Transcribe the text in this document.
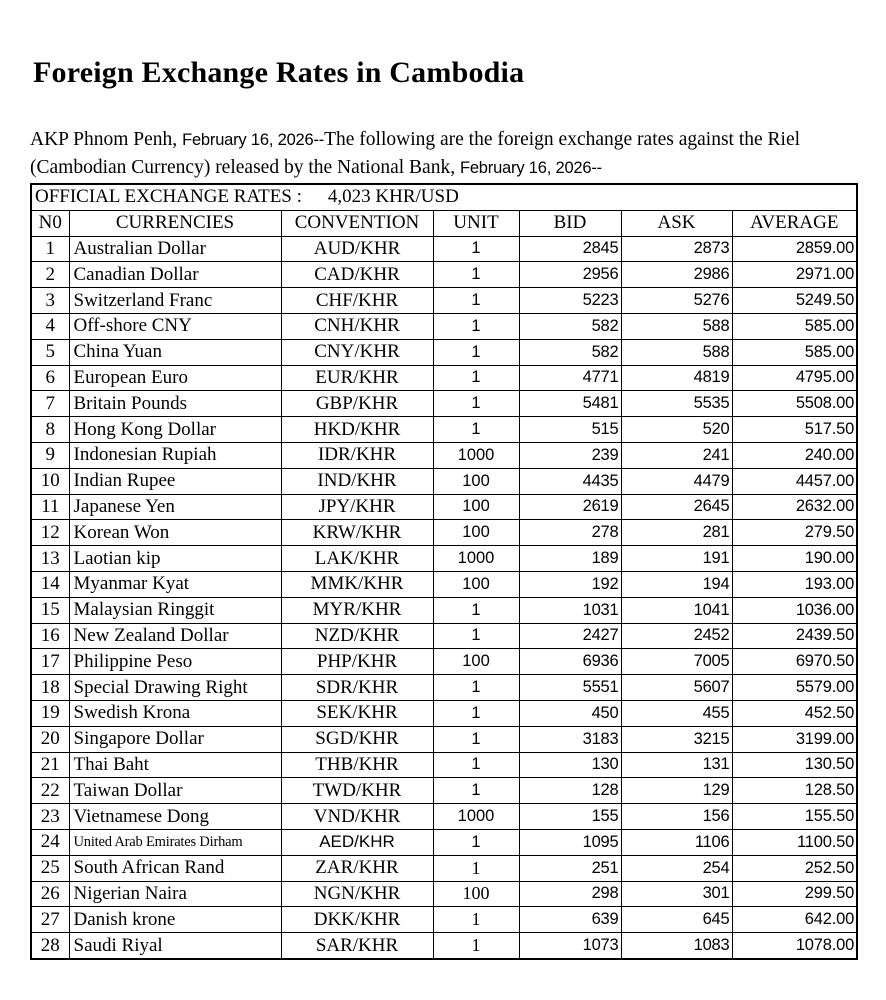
Foreign Exchange Rates in Cambodia

AKP Phnom Penh, February 16, 2026--The following are the foreign exchange rates against the Riel (Cambodian Currency) released by the National Bank, February 16, 2026--

OFFICIAL EXCHANGE RATES : 4,023 KHR/USD						
N0	CURRENCIES	CONVENTION	UNIT	BID	ASK	AVERAGE
1	Australian Dollar	AUD/KHR	1	2845	2873	2859.00
2	Canadian Dollar	CAD/KHR	1	2956	2986	2971.00
3	Switzerland Franc	CHF/KHR	1	5223	5276	5249.50
4	Off-shore CNY	CNH/KHR	1	582	588	585.00
5	China Yuan	CNY/KHR	1	582	588	585.00
6	European Euro	EUR/KHR	1	4771	4819	4795.00
7	Britain Pounds	GBP/KHR	1	5481	5535	5508.00
8	Hong Kong Dollar	HKD/KHR	1	515	520	517.50
9	Indonesian Rupiah	IDR/KHR	1000	239	241	240.00
10	Indian Rupee	IND/KHR	100	4435	4479	4457.00
11	Japanese Yen	JPY/KHR	100	2619	2645	2632.00
12	Korean Won	KRW/KHR	100	278	281	279.50
13	Laotian kip	LAK/KHR	1000	189	191	190.00
14	Myanmar Kyat	MMK/KHR	100	192	194	193.00
15	Malaysian Ringgit	MYR/KHR	1	1031	1041	1036.00
16	New Zealand Dollar	NZD/KHR	1	2427	2452	2439.50
17	Philippine Peso	PHP/KHR	100	6936	7005	6970.50
18	Special Drawing Right	SDR/KHR	1	5551	5607	5579.00
19	Swedish Krona	SEK/KHR	1	450	455	452.50
20	Singapore Dollar	SGD/KHR	1	3183	3215	3199.00
21	Thai Baht	THB/KHR	1	130	131	130.50
22	Taiwan Dollar	TWD/KHR	1	128	129	128.50
23	Vietnamese Dong	VND/KHR	1000	155	156	155.50
24	United Arab Emirates Dirham	AED/KHR	1	1095	1106	1100.50
25	South African Rand	ZAR/KHR	1	251	254	252.50
26	Nigerian Naira	NGN/KHR	100	298	301	299.50
27	Danish krone	DKK/KHR	1	639	645	642.00
28	Saudi Riyal	SAR/KHR	1	1073	1083	1078.00
